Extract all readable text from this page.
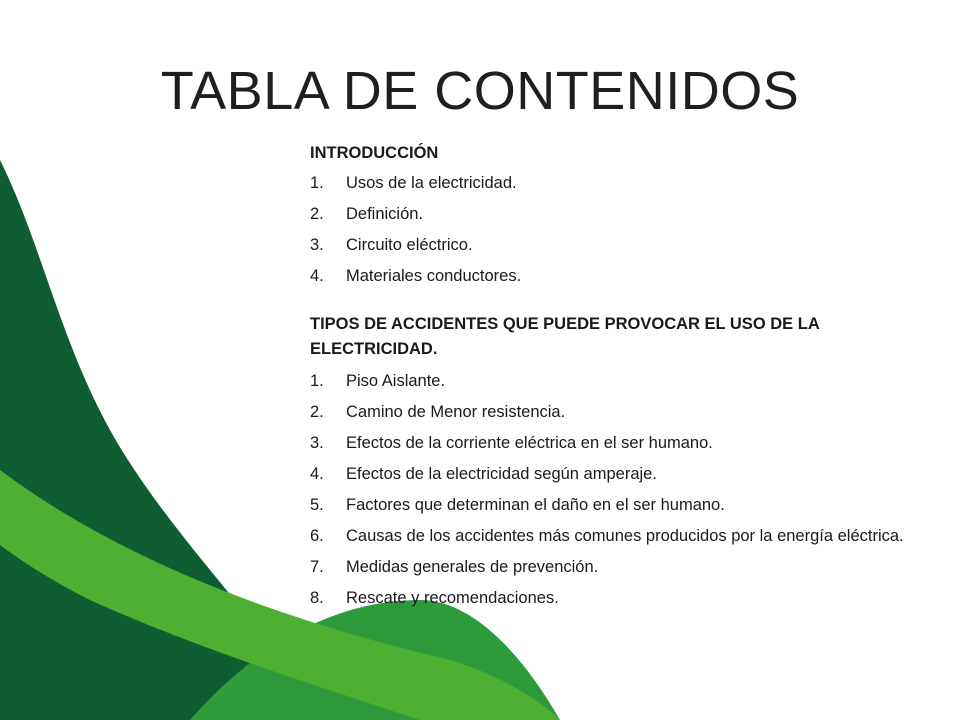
TABLA DE CONTENIDOS
INTRODUCCIÓN
1. Usos de la electricidad.
2. Definición.
3. Circuito eléctrico.
4. Materiales conductores.
TIPOS DE ACCIDENTES QUE PUEDE PROVOCAR EL USO DE LA ELECTRICIDAD.
1. Piso Aislante.
2. Camino de Menor resistencia.
3. Efectos de la corriente eléctrica en el ser humano.
4. Efectos de la electricidad según amperaje.
5. Factores que determinan el daño en el ser humano.
6. Causas de los accidentes más comunes producidos por la energía eléctrica.
7. Medidas generales de prevención.
8. Rescate y recomendaciones.
